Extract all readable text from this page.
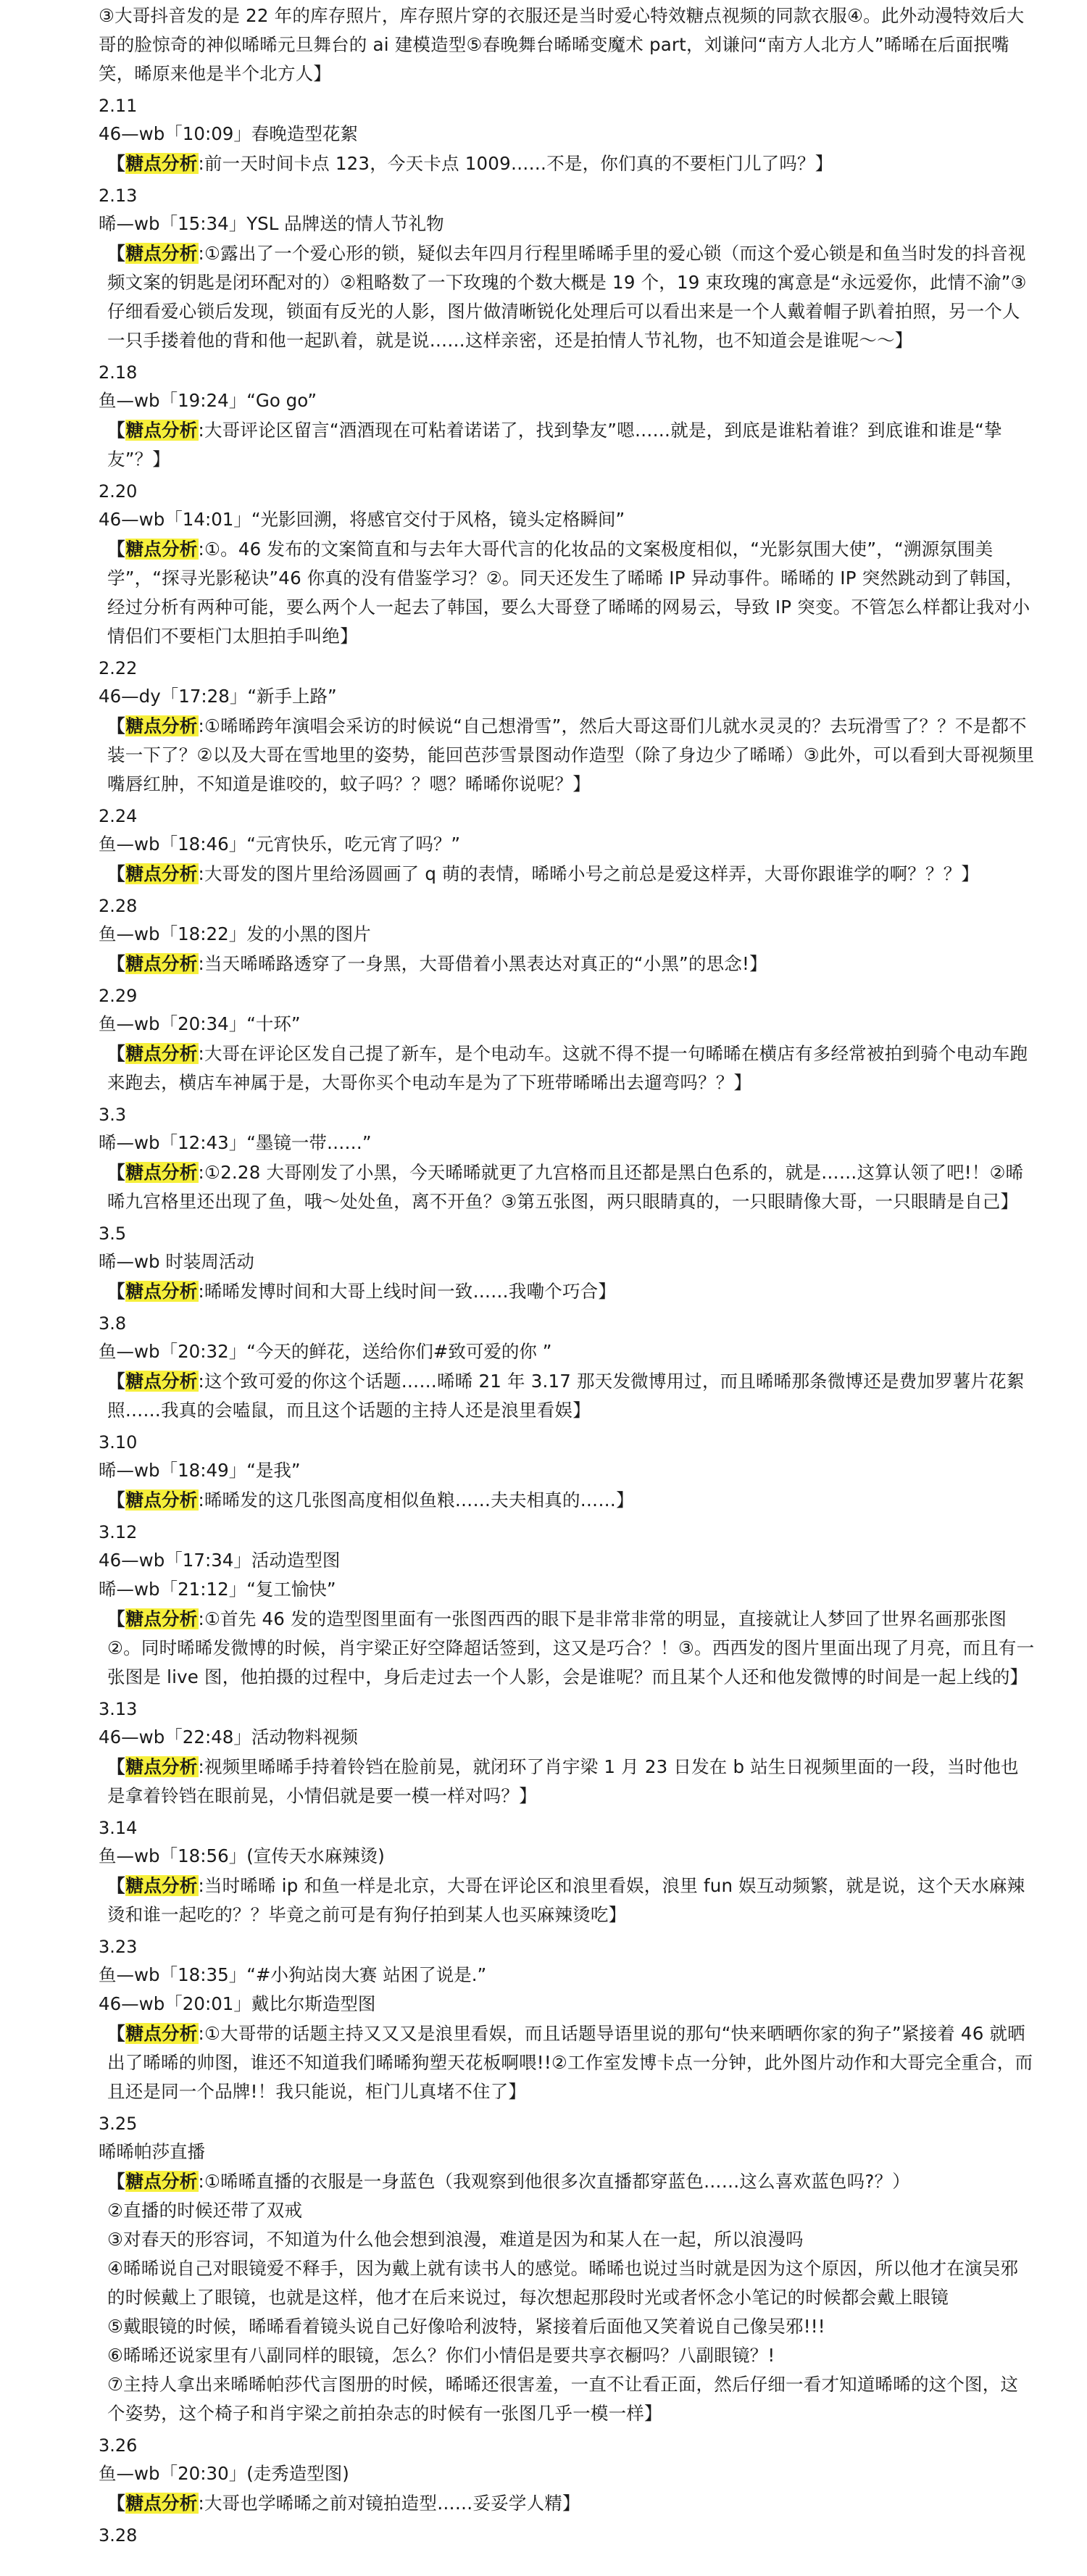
③大哥抖音发的是 22 年的库存照片，库存照片穿的衣服还是当时爱心特效糖点视频的同款衣服④。此外动漫特效后大哥的脸惊奇的神似晞晞元旦舞台的 ai 建模造型⑤春晚舞台晞晞变魔术 part，刘谦问“南方人北方人”晞晞在后面抿嘴笑，晞原来他是半个北方人】
2.11
46—wb「10:09」春晚造型花絮
【糖点分析:前一天时间卡点 123，今天卡点 1009……不是，你们真的不要柜门儿了吗？】
2.13
晞—wb「15:34」YSL 品牌送的情人节礼物
【糖点分析:①露出了一个爱心形的锁，疑似去年四月行程里晞晞手里的爱心锁（而这个爱心锁是和鱼当时发的抖音视频文案的钥匙是闭环配对的）②粗略数了一下玫瑰的个数大概是 19 个，19 束玫瑰的寓意是“永远爱你，此情不渝”③仔细看爱心锁后发现，锁面有反光的人影，图片做清晰锐化处理后可以看出来是一个人戴着帽子趴着拍照，另一个人一只手搂着他的背和他一起趴着，就是说……这样亲密，还是拍情人节礼物，也不知道会是谁呢～～】
2.18
鱼—wb「19:24」“Go go”
【糖点分析:大哥评论区留言“酒酒现在可粘着诺诺了，找到挚友”嗯……就是，到底是谁粘着谁？到底谁和谁是“挚友”？】
2.20
46—wb「14:01」“光影回溯，将感官交付于风格，镜头定格瞬间”
【糖点分析:①。46 发布的文案简直和与去年大哥代言的化妆品的文案极度相似，“光影氛围大使”，“溯源氛围美学”，“探寻光影秘诀”46 你真的没有借鉴学习？②。同天还发生了晞晞 IP 异动事件。晞晞的 IP 突然跳动到了韩国，经过分析有两种可能，要么两个人一起去了韩国，要么大哥登了晞晞的网易云，导致 IP 突变。不管怎么样都让我对小情侣们不要柜门太胆拍手叫绝】
2.22
46—dy「17:28」“新手上路”
【糖点分析:①晞晞跨年演唱会采访的时候说“自己想滑雪”，然后大哥这哥们儿就水灵灵的？去玩滑雪了？？不是都不装一下了？②以及大哥在雪地里的姿势，能回芭莎雪景图动作造型（除了身边少了晞晞）③此外，可以看到大哥视频里嘴唇红肿，不知道是谁咬的，蚊子吗？？嗯？晞晞你说呢？】
2.24
鱼—wb「18:46」“元宵快乐，吃元宵了吗？”
【糖点分析:大哥发的图片里给汤圆画了 q 萌的表情，晞晞小号之前总是爱这样弄，大哥你跟谁学的啊？？？】
2.28
鱼—wb「18:22」发的小黑的图片
【糖点分析:当天晞晞路透穿了一身黑，大哥借着小黑表达对真正的“小黑”的思念!】
2.29
鱼—wb「20:34」“十环”
【糖点分析:大哥在评论区发自己提了新车，是个电动车。这就不得不提一句晞晞在横店有多经常被拍到骑个电动车跑来跑去，横店车神属于是，大哥你买个电动车是为了下班带晞晞出去遛弯吗？？】
3.3
晞—wb「12:43」“墨镜一带……”
【糖点分析:①2.28 大哥刚发了小黑，今天晞晞就更了九宫格而且还都是黑白色系的，就是……这算认领了吧!！②晞晞九宫格里还出现了鱼，哦～处处鱼，离不开鱼？③第五张图，两只眼睛真的，一只眼睛像大哥，一只眼睛是自己】
3.5
晞—wb 时装周活动
【糖点分析:晞晞发博时间和大哥上线时间一致……我嘞个巧合】
3.8
鱼—wb「20:32」“今天的鲜花，送给你们#致可爱的你 ”
【糖点分析:这个致可爱的你这个话题……晞晞 21 年 3.17 那天发微博用过，而且晞晞那条微博还是费加罗薯片花絮照……我真的会嗑鼠，而且这个话题的主持人还是浪里看娱】
3.10
晞—wb「18:49」“是我”
【糖点分析:晞晞发的这几张图高度相似鱼粮……夫夫相真的……】
3.12
46—wb「17:34」活动造型图
晞—wb「21:12」“复工愉快”
【糖点分析:①首先 46 发的造型图里面有一张图西西的眼下是非常非常的明显，直接就让人梦回了世界名画那张图②。同时晞晞发微博的时候，肖宇梁正好空降超话签到，这又是巧合？！③。西西发的图片里面出现了月亮，而且有一张图是 live 图，他拍摄的过程中，身后走过去一个人影，会是谁呢？而且某个人还和他发微博的时间是一起上线的】
3.13
46—wb「22:48」活动物料视频
【糖点分析:视频里晞晞手持着铃铛在脸前晃，就闭环了肖宇梁 1 月 23 日发在 b 站生日视频里面的一段，当时他也是拿着铃铛在眼前晃，小情侣就是要一模一样对吗？】
3.14
鱼—wb「18:56」(宣传天水麻辣烫)
【糖点分析:当时晞晞 ip 和鱼一样是北京，大哥在评论区和浪里看娱，浪里 fun 娱互动频繁，就是说，这个天水麻辣烫和谁一起吃的？？毕竟之前可是有狗仔拍到某人也买麻辣烫吃】
3.23
鱼—wb「18:35」“#小狗站岗大赛 站困了说是.”
46—wb「20:01」戴比尔斯造型图
【糖点分析:①大哥带的话题主持又又又是浪里看娱，而且话题导语里说的那句“快来晒晒你家的狗子”紧接着 46 就晒出了晞晞的帅图，谁还不知道我们晞晞狗塑天花板啊喂!!②工作室发博卡点一分钟，此外图片动作和大哥完全重合，而且还是同一个品牌!！我只能说，柜门儿真堵不住了】
3.25
晞晞帕莎直播
【糖点分析:①晞晞直播的衣服是一身蓝色（我观察到他很多次直播都穿蓝色……这么喜欢蓝色吗?？）
②直播的时候还带了双戒
③对春天的形容词，不知道为什么他会想到浪漫，难道是因为和某人在一起，所以浪漫吗
④晞晞说自己对眼镜爱不释手，因为戴上就有读书人的感觉。晞晞也说过当时就是因为这个原因，所以他才在演吴邪的时候戴上了眼镜，也就是这样，他才在后来说过，每次想起那段时光或者怀念小笔记的时候都会戴上眼镜
⑤戴眼镜的时候，晞晞看着镜头说自己好像哈利波特，紧接着后面他又笑着说自己像吴邪!!!
⑥晞晞还说家里有八副同样的眼镜，怎么？你们小情侣是要共享衣橱吗？八副眼镜？!
⑦主持人拿出来晞晞帕莎代言图册的时候，晞晞还很害羞，一直不让看正面，然后仔细一看才知道晞晞的这个图，这个姿势，这个椅子和肖宇梁之前拍杂志的时候有一张图几乎一模一样】
3.26
鱼—wb「20:30」(走秀造型图)
【糖点分析:大哥也学晞晞之前对镜拍造型……妥妥学人精】
3.28
